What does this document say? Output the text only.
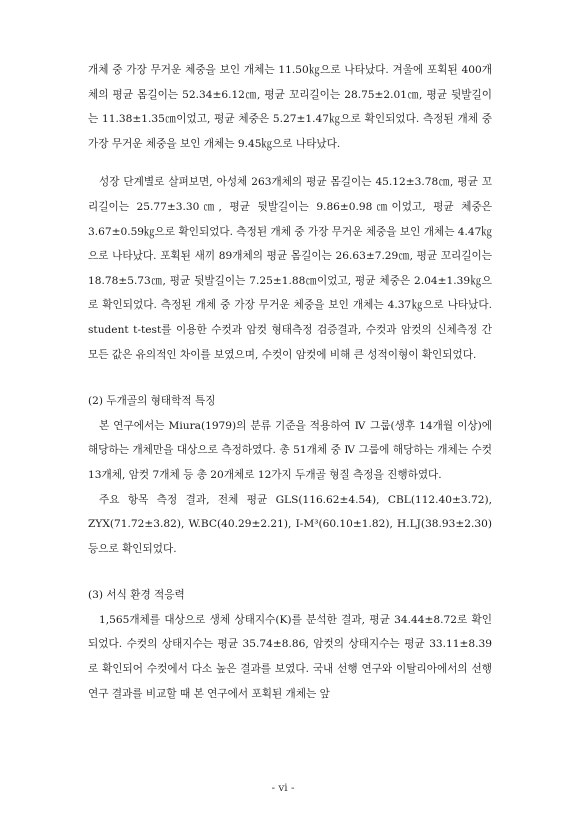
개체 중 가장 무거운 체중을 보인 개체는 11.50㎏으로 나타났다. 겨울에 포획된 400개체의 평균 몸길이는 52.34±6.12㎝, 평균 꼬리길이는 28.75±2.01㎝, 평균 뒷발길이는 11.38±1.35㎝이었고, 평균 체중은 5.27±1.47㎏으로 확인되었다. 측정된 개체 중 가장 무거운 체중을 보인 개체는 9.45㎏으로 나타났다.

성장 단계별로 살펴보면, 아성체 263개체의 평균 몸길이는 45.12±3.78㎝, 평균 꼬리길이는 25.77±3.30㎝, 평균 뒷발길이는 9.86±0.98㎝이었고, 평균 체중은 3.67±0.59㎏으로 확인되었다. 측정된 개체 중 가장 무거운 체중을 보인 개체는 4.47㎏으로 나타났다. 포획된 새끼 89개체의 평균 몸길이는 26.63±7.29㎝, 평균 꼬리길이는 18.78±5.73㎝, 평균 뒷발길이는 7.25±1.88㎝이었고, 평균 체중은 2.04±1.39㎏으로 확인되었다. 측정된 개체 중 가장 무거운 체중을 보인 개체는 4.37㎏으로 나타났다. student t-test를 이용한 수컷과 암컷 형태측정 검증결과, 수컷과 암컷의 신체측정 간 모든 값은 유의적인 차이를 보였으며, 수컷이 암컷에 비해 큰 성적이형이 확인되었다.

(2) 두개골의 형태학적 특징

본 연구에서는 Miura(1979)의 분류 기준을 적용하여 Ⅳ 그룹(생후 14개월 이상)에 해당하는 개체만을 대상으로 측정하였다. 총 51개체 중 Ⅳ 그룹에 해당하는 개체는 수컷 13개체, 암컷 7개체 등 총 20개체로 12가지 두개골 형질 측정을 진행하였다.

주요 항목 측정 결과, 전체 평균 GLS(116.62±4.54), CBL(112.40±3.72), ZYX(71.72±3.82), W.BC(40.29±2.21), I-M³(60.10±1.82), H.LJ(38.93±2.30) 등으로 확인되었다.

(3) 서식 환경 적응력

1,565개체를 대상으로 생체 상태지수(K)를 분석한 결과, 평균 34.44±8.72로 확인되었다. 수컷의 상태지수는 평균 35.74±8.86, 암컷의 상태지수는 평균 33.11±8.39로 확인되어 수컷에서 다소 높은 결과를 보였다. 국내 선행 연구와 이탈리아에서의 선행 연구 결과를 비교할 때 본 연구에서 포획된 개체는 앞

- vi -
